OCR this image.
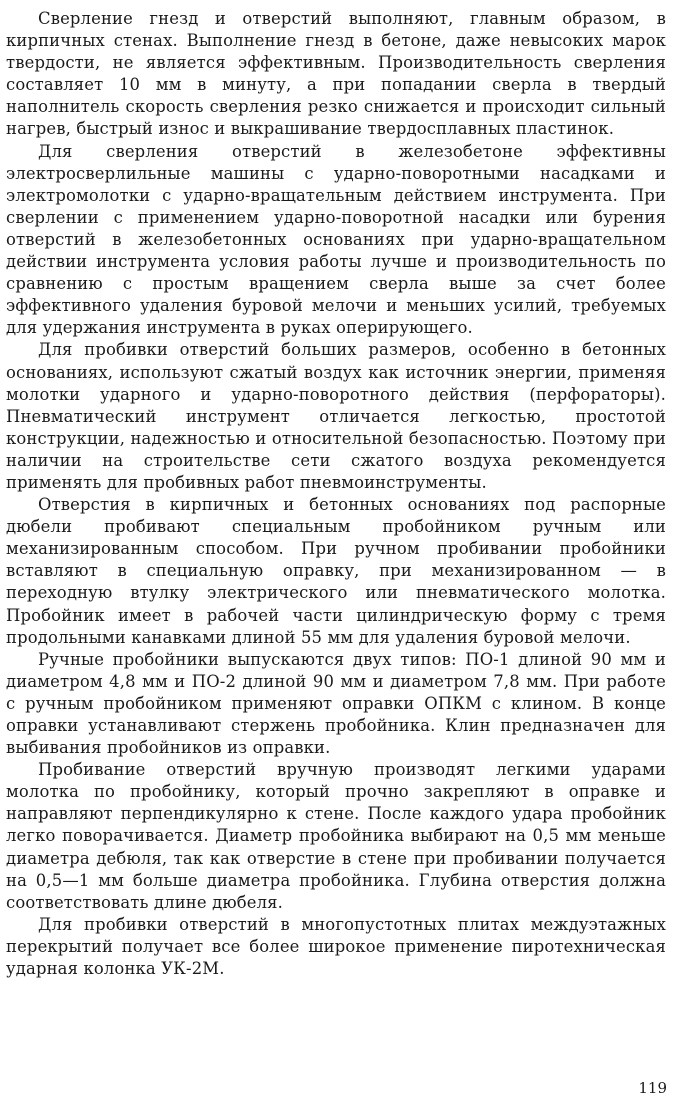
Сверление гнезд и отверстий выполняют, главным образом, в кирпичных стенах. Выполнение гнезд в бетоне, даже невысоких марок твердости, не является эффективным. Производительность сверления составляет 10 мм в минуту, а при попадании сверла в твердый наполнитель скорость сверления резко снижается и происходит сильный нагрев, быстрый износ и выкрашивание твердосплавных пластинок.

Для сверления отверстий в железобетоне эффективны электросверлильные машины с ударно-поворотными насадками и электромолотки с ударно-вращательным действием инструмента. При сверлении с применением ударно-поворотной насадки или бурения отверстий в железобетонных основаниях при ударно-вращательном действии инструмента условия работы лучше и производительность по сравнению с простым вращением сверла выше за счет более эффективного удаления буровой мелочи и меньших усилий, требуемых для удержания инструмента в руках оперирующего.

Для пробивки отверстий больших размеров, особенно в бетонных основаниях, используют сжатый воздух как источник энергии, применяя молотки ударного и ударно-поворотного действия (перфораторы). Пневматический инструмент отличается легкостью, простотой конструкции, надежностью и относительной безопасностью. Поэтому при наличии на строительстве сети сжатого воздуха рекомендуется применять для пробивных работ пневмоинструменты.

Отверстия в кирпичных и бетонных основаниях под распорные дюбели пробивают специальным пробойником ручным или механизированным способом. При ручном пробивании пробойники вставляют в специальную оправку, при механизированном — в переходную втулку электрического или пневматического молотка. Пробойник имеет в рабочей части цилиндрическую форму с тремя продольными канавками длиной 55 мм для удаления буровой мелочи.

Ручные пробойники выпускаются двух типов: ПО-1 длиной 90 мм и диаметром 4,8 мм и ПО-2 длиной 90 мм и диаметром 7,8 мм. При работе с ручным пробойником применяют оправки ОПКМ с клином. В конце оправки устанавливают стержень пробойника. Клин предназначен для выбивания пробойников из оправки.

Пробивание отверстий вручную производят легкими ударами молотка по пробойнику, который прочно закрепляют в оправке и направляют перпендикулярно к стене. После каждого удара пробойник легко поворачивается. Диаметр пробойника выбирают на 0,5 мм меньше диаметра дебюля, так как отверстие в стене при пробивании получается на 0,5—1 мм больше диаметра пробойника. Глубина отверстия должна соответствовать длине дюбеля.

Для пробивки отверстий в многопустотных плитах междуэтажных перекрытий получает все более широкое применение пиротехническая ударная колонка УК-2М.

119
